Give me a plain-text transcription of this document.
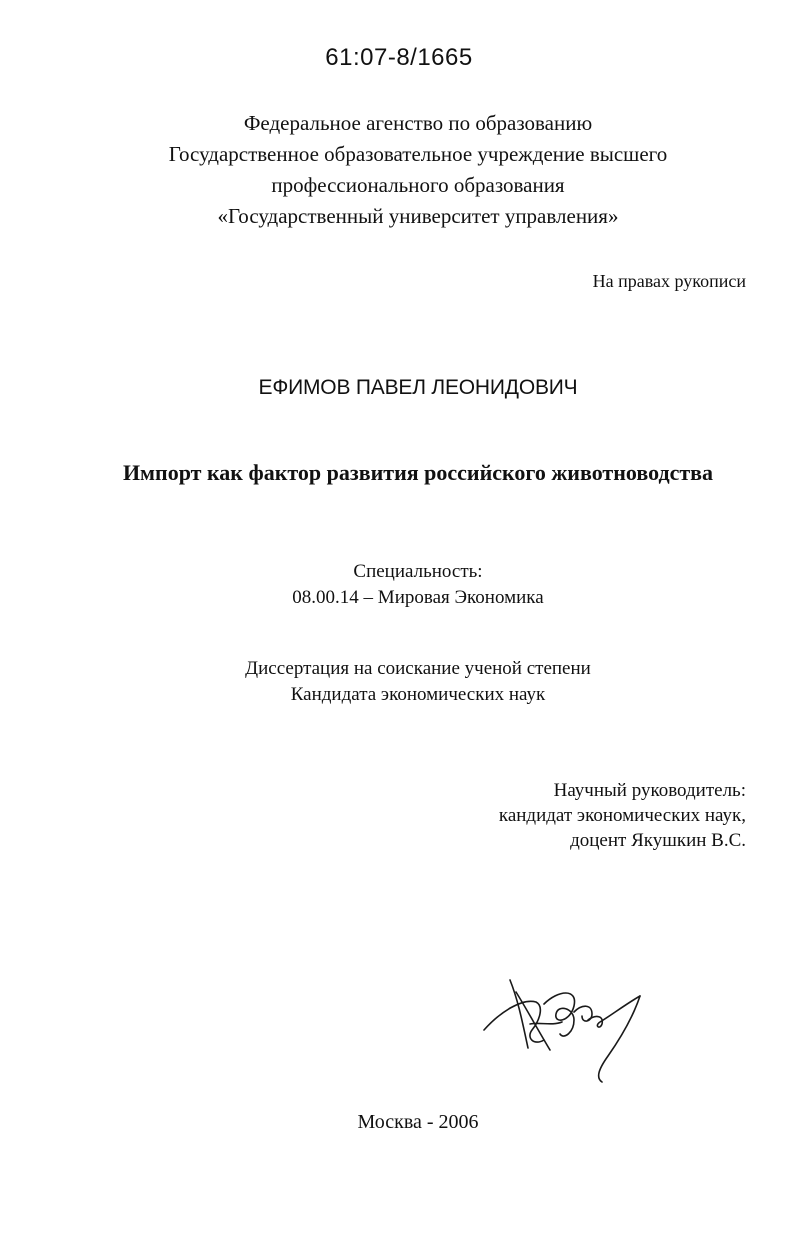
61:07-8/1665
Федеральное агенство по образованию
Государственное образовательное учреждение высшего
профессионального образования
«Государственный университет управления»
На правах рукописи
ЕФИМОВ ПАВЕЛ ЛЕОНИДОВИЧ
Импорт как фактор развития российского животноводства
Специальность:
08.00.14 – Мировая Экономика
Диссертация на соискание ученой степени
Кандидата экономических наук
Научный руководитель:
кандидат экономических наук,
доцент Якушкин В.С.
Москва - 2006
